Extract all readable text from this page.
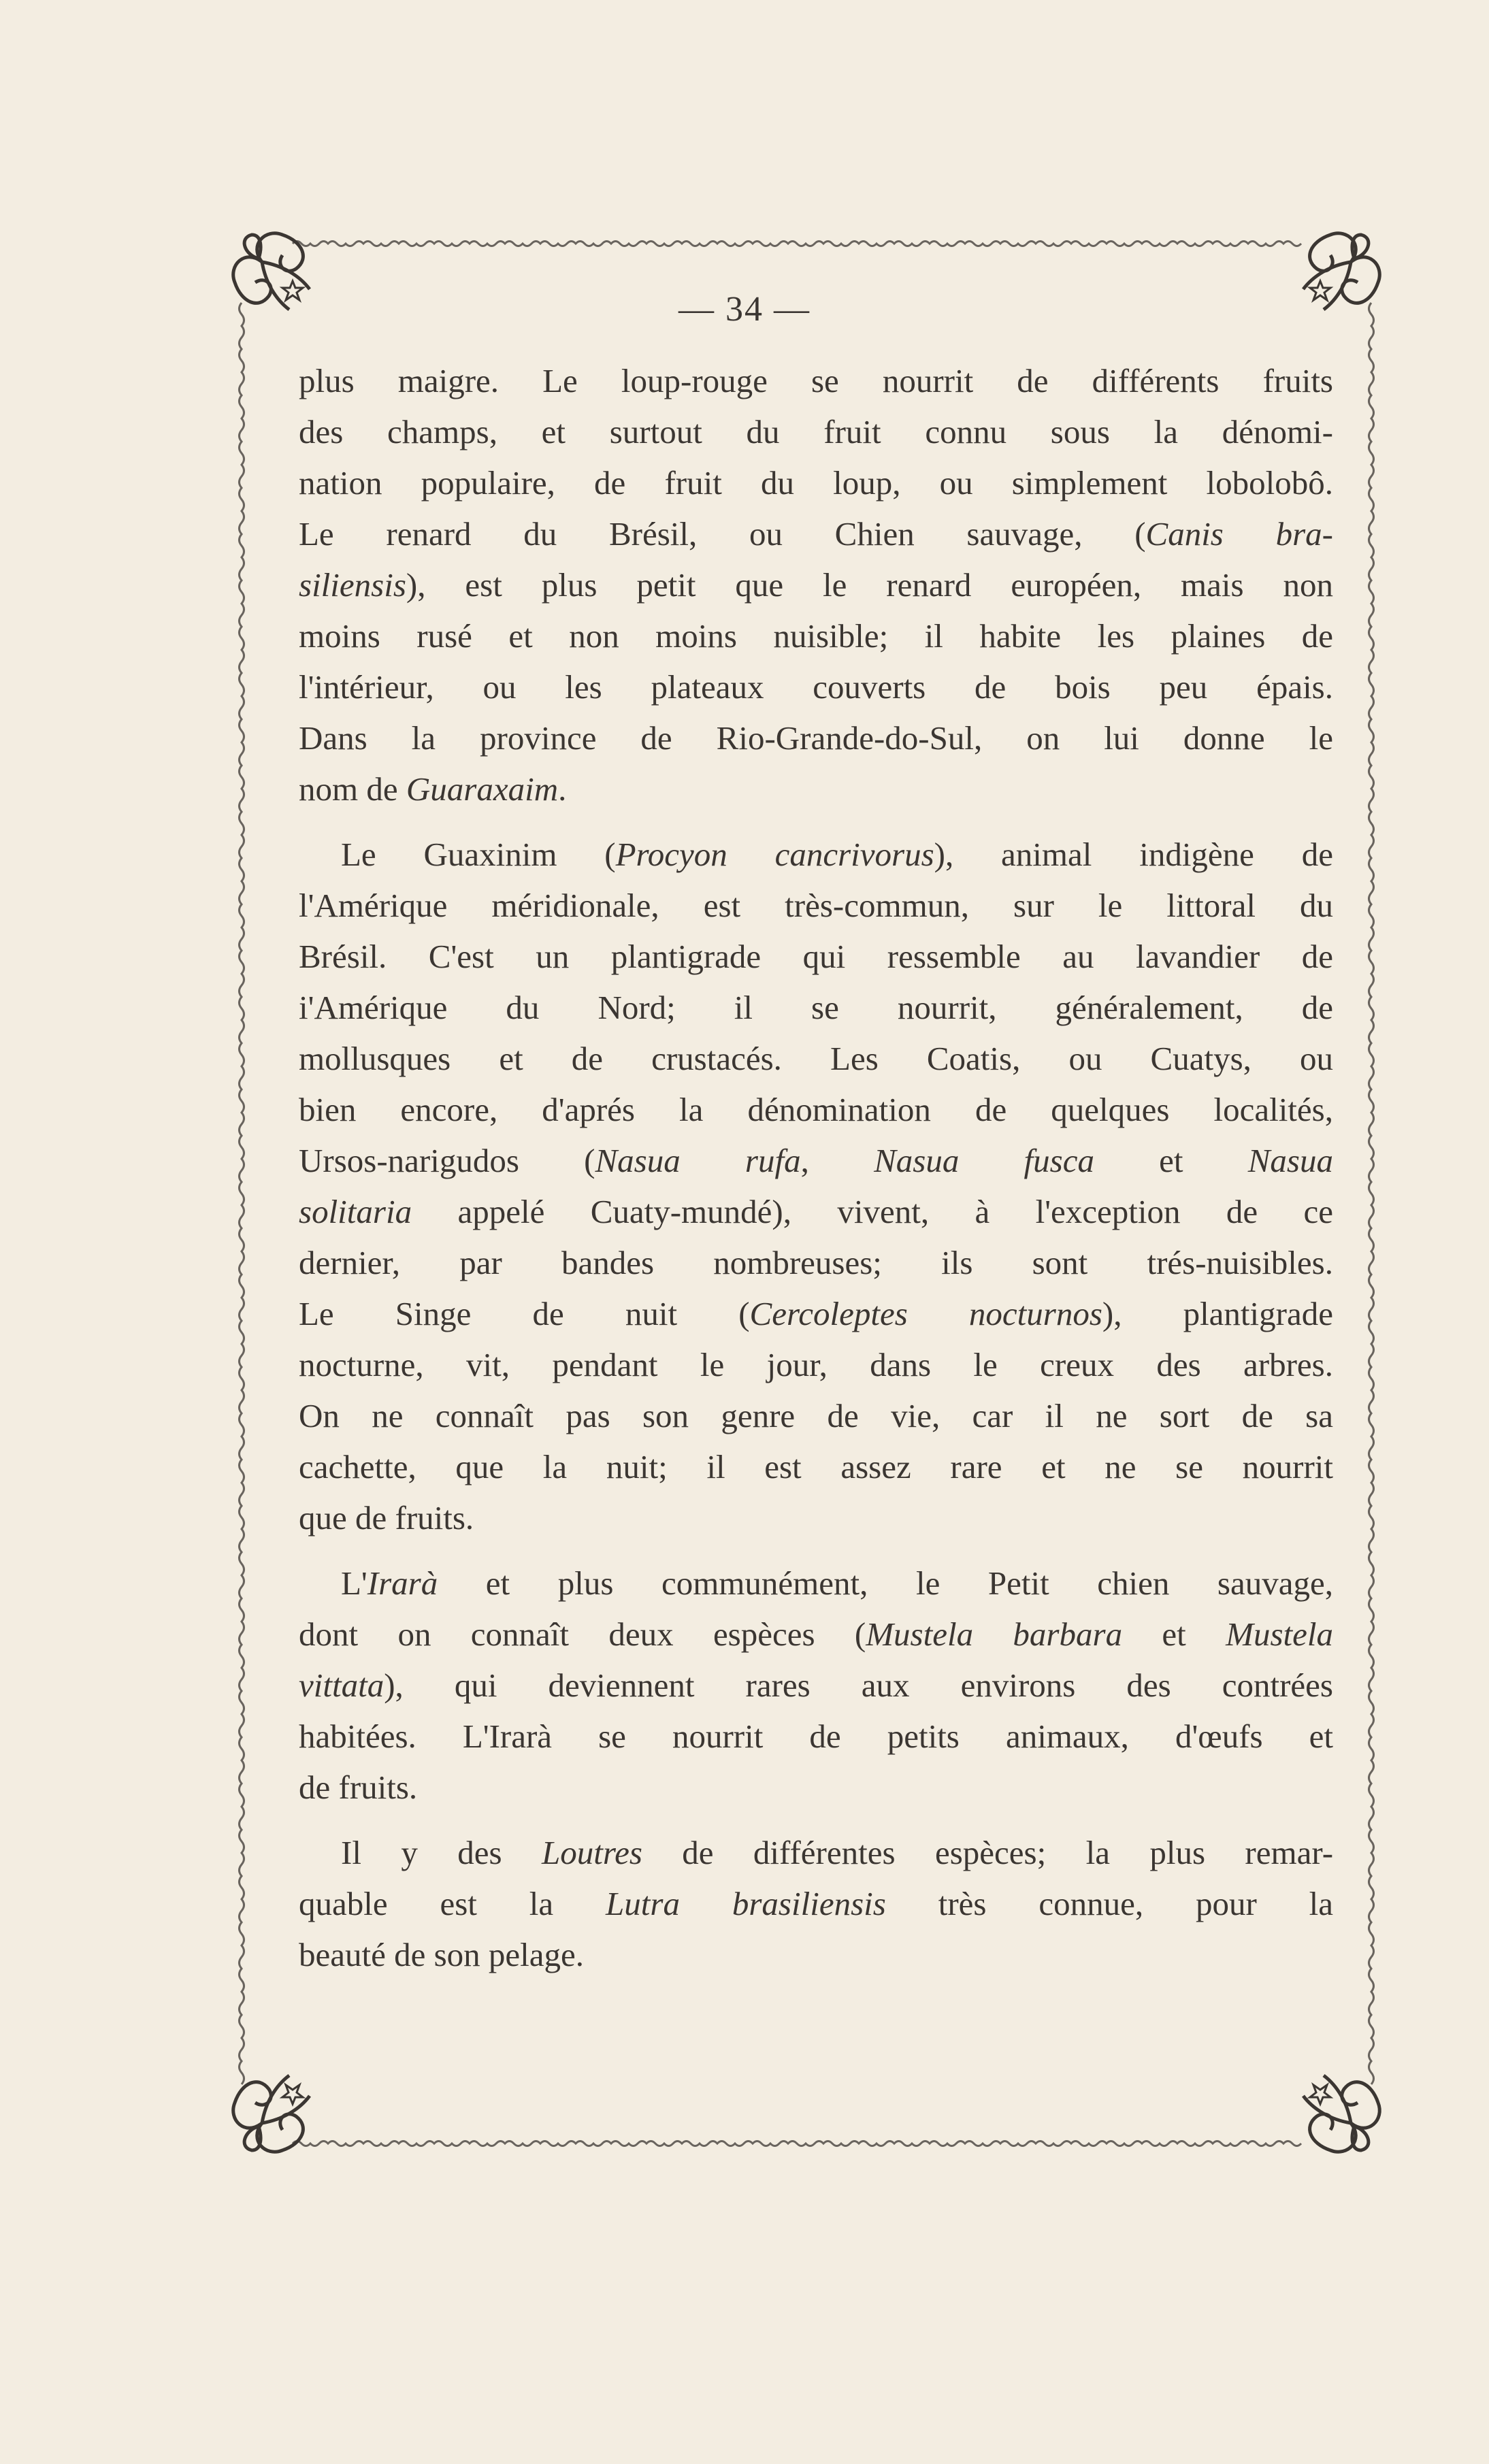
— 34 —
plus maigre. Le loup-rouge se nourrit de différents fruits
des champs, et surtout du fruit connu sous la dénomi-
nation populaire, de fruit du loup, ou simplement lobolobô.
Le renard du Brésil, ou Chien sauvage, (Canis bra-
siliensis), est plus petit que le renard européen, mais non
moins rusé et non moins nuisible; il habite les plaines de
l'intérieur, ou les plateaux couverts de bois peu épais.
Dans la province de Rio-Grande-do-Sul, on lui donne le
nom de Guaraxaim.
Le Guaxinim (Procyon cancrivorus), animal indigène de
l'Amérique méridionale, est très-commun, sur le littoral du
Brésil. C'est un plantigrade qui ressemble au lavandier de
i'Amérique du Nord; il se nourrit, généralement, de
mollusques et de crustacés. Les Coatis, ou Cuatys, ou
bien encore, d'aprés la dénomination de quelques localités,
Ursos-narigudos (Nasua rufa, Nasua fusca et Nasua
solitaria appelé Cuaty-mundé), vivent, à l'exception de ce
dernier, par bandes nombreuses; ils sont trés-nuisibles.
Le Singe de nuit (Cercoleptes nocturnos), plantigrade
nocturne, vit, pendant le jour, dans le creux des arbres.
On ne connaît pas son genre de vie, car il ne sort de sa
cachette, que la nuit; il est assez rare et ne se nourrit
que de fruits.
L'Irarà et plus communément, le Petit chien sauvage,
dont on connaît deux espèces (Mustela barbara et Mustela
vittata), qui deviennent rares aux environs des contrées
habitées. L'Irarà se nourrit de petits animaux, d'œufs et
de fruits.
Il y des Loutres de différentes espèces; la plus remar-
quable est la Lutra brasiliensis très connue, pour la
beauté de son pelage.
